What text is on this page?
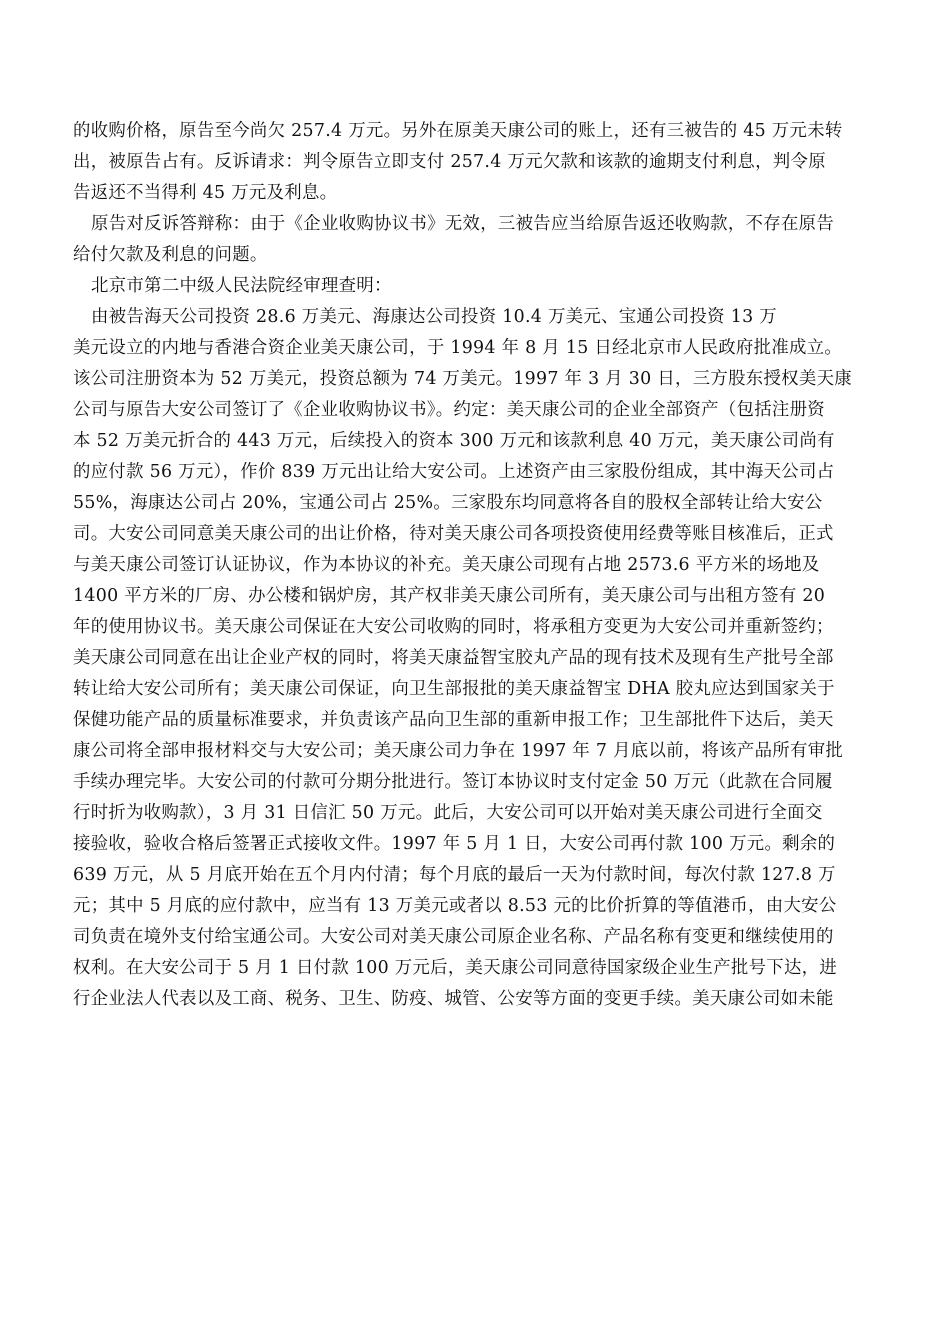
的收购价格，原告至今尚欠 257.4 万元。另外在原美天康公司的账上，还有三被告的 45 万元未转
出，被原告占有。反诉请求：判令原告立即支付 257.4 万元欠款和该款的逾期支付利息，判令原
告返还不当得利 45 万元及利息。
原告对反诉答辩称：由于《企业收购协议书》无效，三被告应当给原告返还收购款，不存在原告
给付欠款及利息的问题。
北京市第二中级人民法院经审理查明：
由被告海天公司投资 28.6 万美元、海康达公司投资 10.4 万美元、宝通公司投资 13 万
美元设立的内地与香港合资企业美天康公司，于 1994 年 8 月 15 日经北京市人民政府批准成立。
该公司注册资本为 52 万美元，投资总额为 74 万美元。1997 年 3 月 30 日，三方股东授权美天康
公司与原告大安公司签订了《企业收购协议书》。约定：美天康公司的企业全部资产（包括注册资
本 52 万美元折合的 443 万元，后续投入的资本 300 万元和该款利息 40 万元，美天康公司尚有
的应付款 56 万元），作价 839 万元出让给大安公司。上述资产由三家股份组成，其中海天公司占
55%，海康达公司占 20%，宝通公司占 25%。三家股东均同意将各自的股权全部转让给大安公
司。大安公司同意美天康公司的出让价格，待对美天康公司各项投资使用经费等账目核准后，正式
与美天康公司签订认证协议，作为本协议的补充。美天康公司现有占地 2573.6 平方米的场地及
1400 平方米的厂房、办公楼和锅炉房，其产权非美天康公司所有，美天康公司与出租方签有 20
年的使用协议书。美天康公司保证在大安公司收购的同时，将承租方变更为大安公司并重新签约；
美天康公司同意在出让企业产权的同时，将美天康益智宝胶丸产品的现有技术及现有生产批号全部
转让给大安公司所有；美天康公司保证，向卫生部报批的美天康益智宝 DHA 胶丸应达到国家关于
保健功能产品的质量标准要求，并负责该产品向卫生部的重新申报工作；卫生部批件下达后，美天
康公司将全部申报材料交与大安公司；美天康公司力争在 1997 年 7 月底以前，将该产品所有审批
手续办理完毕。大安公司的付款可分期分批进行。签订本协议时支付定金 50 万元（此款在合同履
行时折为收购款），3 月 31 日信汇 50 万元。此后，大安公司可以开始对美天康公司进行全面交
接验收，验收合格后签署正式接收文件。1997 年 5 月 1 日，大安公司再付款 100 万元。剩余的
639 万元，从 5 月底开始在五个月内付清；每个月底的最后一天为付款时间，每次付款 127.8 万
元；其中 5 月底的应付款中，应当有 13 万美元或者以 8.53 元的比价折算的等值港币，由大安公
司负责在境外支付给宝通公司。大安公司对美天康公司原企业名称、产品名称有变更和继续使用的
权利。在大安公司于 5 月 1 日付款 100 万元后，美天康公司同意待国家级企业生产批号下达，进
行企业法人代表以及工商、税务、卫生、防疫、城管、公安等方面的变更手续。美天康公司如未能
